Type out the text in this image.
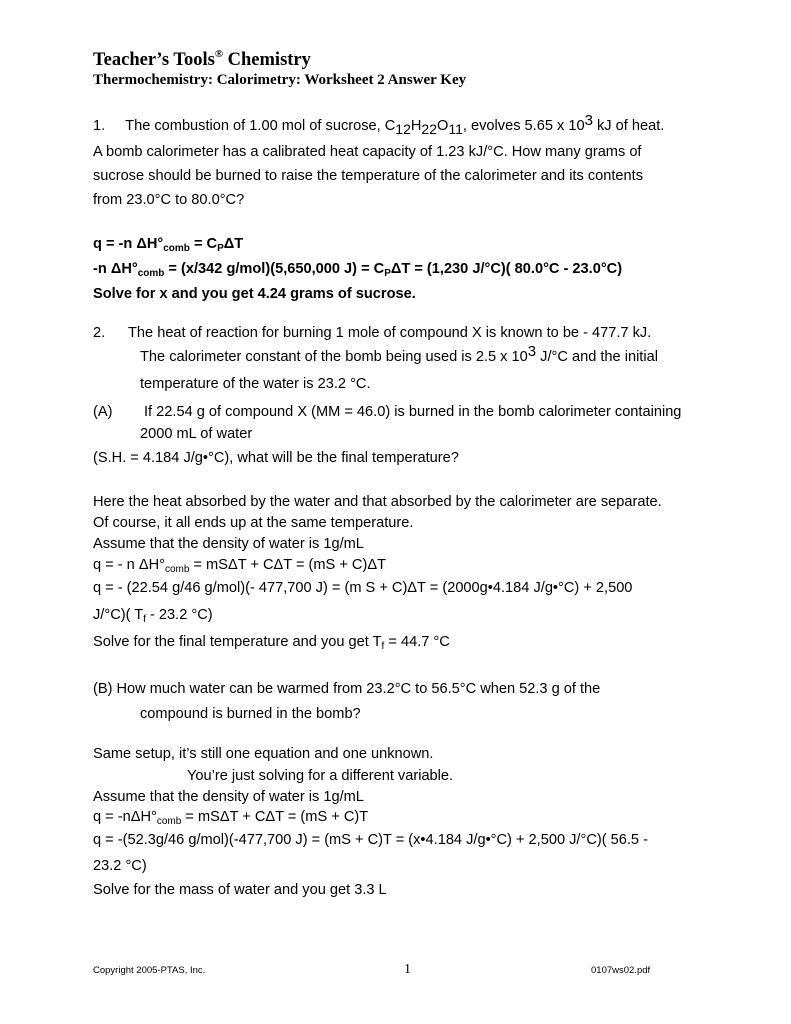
Teacher’s Tools® Chemistry
Thermochemistry: Calorimetry: Worksheet 2 Answer Key
1. The combustion of 1.00 mol of sucrose, C12H22O11, evolves 5.65 x 103 kJ of heat.
A bomb calorimeter has a calibrated heat capacity of 1.23 kJ/°C. How many grams of
sucrose should be burned to raise the temperature of the calorimeter and its contents
from 23.0°C to 80.0°C?
q = -n $\Delta H^\circ_{comb} = C_P\Delta T$
-n $\Delta H^\circ_{comb} = (x/342$ g/mol)(5,650,000 $J) = C_P\Delta T = (1,230$ J/°C)( 80.0°C - 23.0°C)
Solve for x and you get 4.24 grams of sucrose.
2. The heat of reaction for burning 1 mole of compound X is known to be - 477.7 kJ.
The calorimeter constant of the bomb being used is 2.5 x 103 J/°C and the initial
temperature of the water is 23.2 °C.
(A) If 22.54 g of compound X (MM = 46.0) is burned in the bomb calorimeter containing
2000 mL of water
(S.H. = 4.184 J/g•°C), what will be the final temperature?
Here the heat absorbed by the water and that absorbed by the calorimeter are separate.
Of course, it all ends up at the same temperature.
Assume that the density of water is 1g/mL
q = - n $\Delta H^\circ_{comb} = mS\Delta T + C\Delta T = (mS + C)\Delta T$
q = - (22.54 g/46 g/mol)(- 477,700 J) = (m S + C)ΔT = (2000g•4.184 J/g•°C) + 2,500
J/°C)( $T_f - 23.2$ °C)
Solve for the final temperature and you get $T_f = 44.7$ °C
(B) How much water can be warmed from 23.2°C to 56.5°C when 52.3 g of the
compound is burned in the bomb?
Same setup, it’s still one equation and one unknown.
You’re just solving for a different variable.
Assume that the density of water is 1g/mL
$q = -n\Delta H^\circ_{comb} = mS\Delta T + C\Delta T = (mS + C)T$
q = -(52.3g/46 g/mol)(-477,700 J) = (mS + C)T = (x•4.184 J/g•°C) + 2,500 J/°C)( 56.5 -
23.2 °C)
Solve for the mass of water and you get 3.3 L
Copyright 2005-PTAS, Inc.	1	0107ws02.pdf
